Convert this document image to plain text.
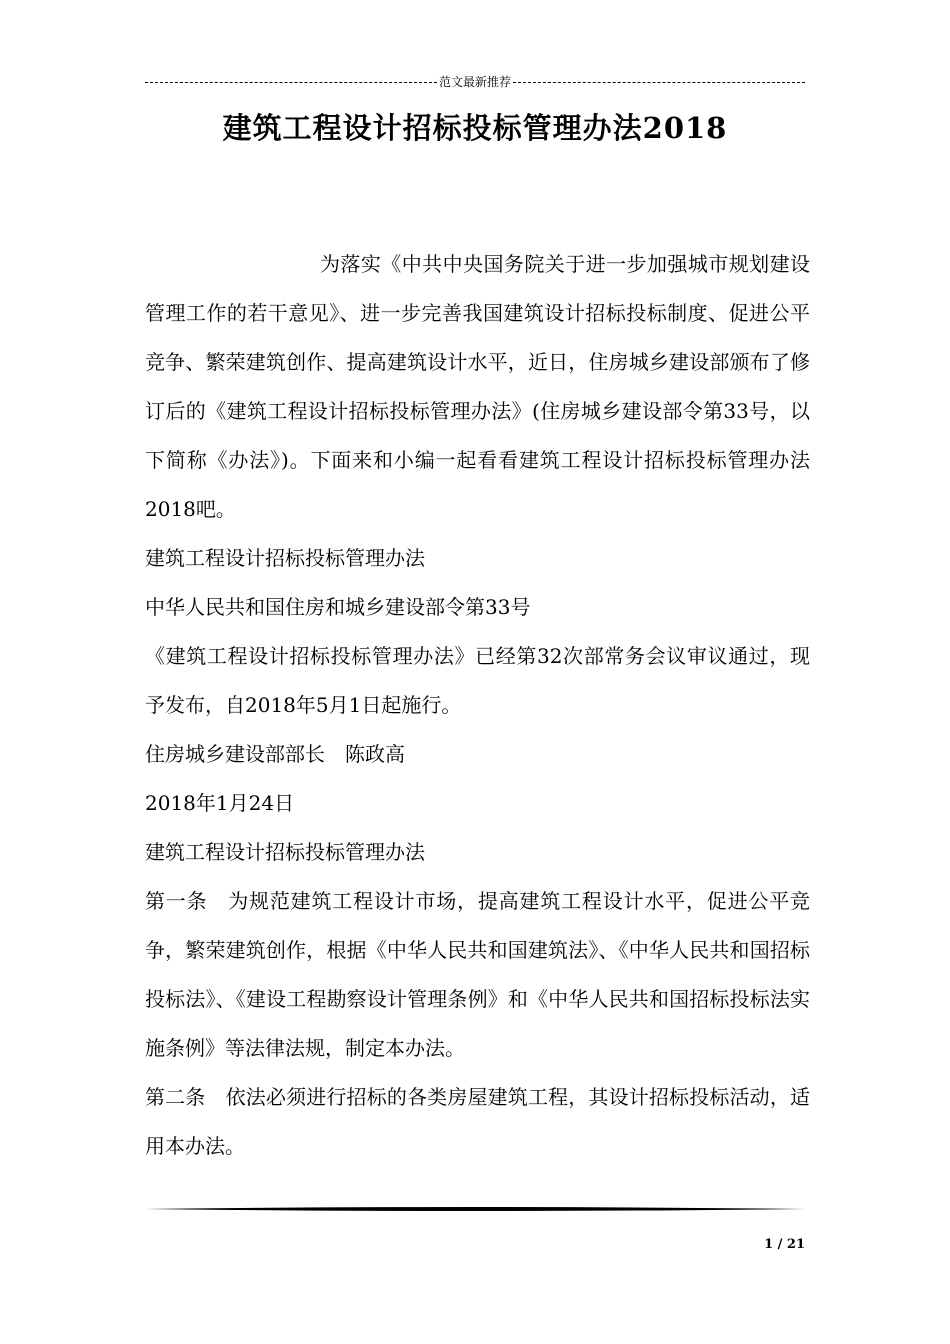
范文最新推荐
建筑工程设计招标投标管理办法2018

为落实《中共中央国务院关于进一步加强城市规划建设管理工作的若干意见》、进一步完善我国建筑设计招标投标制度、促进公平竞争、繁荣建筑创作、提高建筑设计水平，近日，住房城乡建设部颁布了修订后的《建筑工程设计招标投标管理办法》(住房城乡建设部令第33号，以下简称《办法》)。下面来和小编一起看看建筑工程设计招标投标管理办法2018吧。

建筑工程设计招标投标管理办法

中华人民共和国住房和城乡建设部令第33号

《建筑工程设计招标投标管理办法》已经第32次部常务会议审议通过，现予发布，自2018年5月1日起施行。

住房城乡建设部部长　陈政高

2018年1月24日

建筑工程设计招标投标管理办法

第一条　为规范建筑工程设计市场，提高建筑工程设计水平，促进公平竞争，繁荣建筑创作，根据《中华人民共和国建筑法》、《中华人民共和国招标投标法》、《建设工程勘察设计管理条例》和《中华人民共和国招标投标法实施条例》等法律法规，制定本办法。

第二条　依法必须进行招标的各类房屋建筑工程，其设计招标投标活动，适用本办法。

1 / 21
